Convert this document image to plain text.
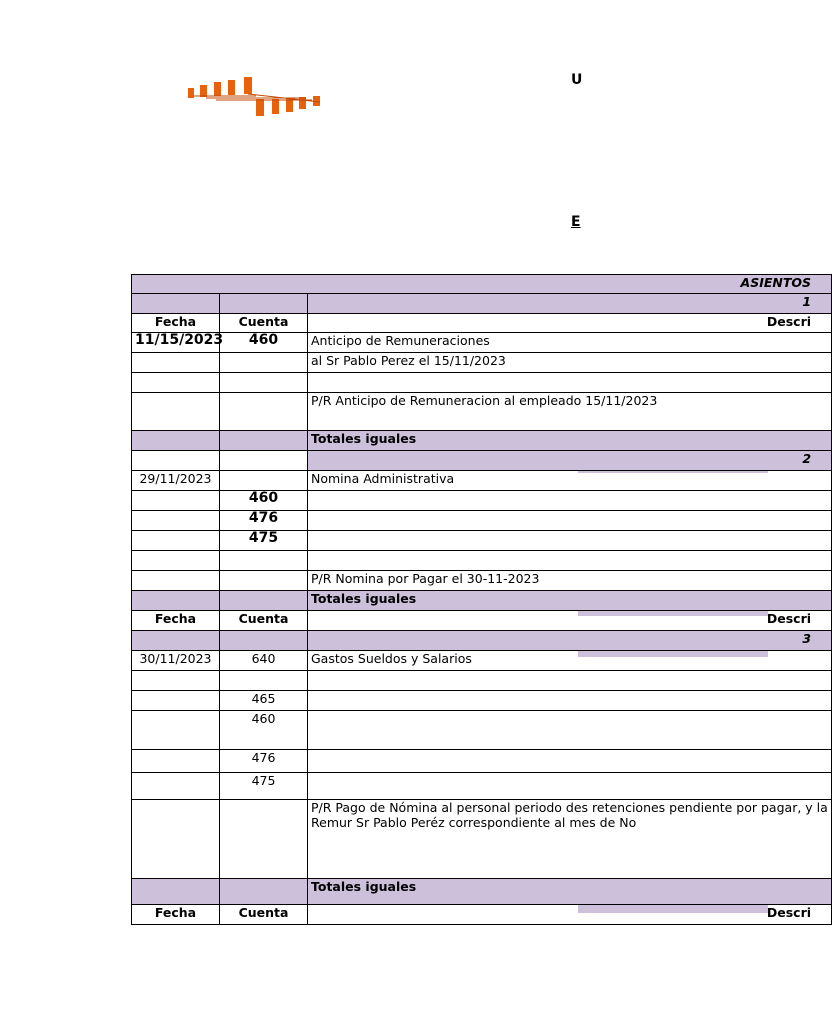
U
E
ASIENTOS		
		1
Fecha	Cuenta	Descri
11/15/2023	460	Anticipo de Remuneraciones
		al Sr Pablo Perez el 15/11/2023

		P/R Anticipo de Remuneracion al empleado 15/11/2023
		Totales iguales
		2
29/11/2023		Nomina Administrativa
	460	
	476	
	475	

		P/R Nomina por Pagar el 30-11-2023
		Totales iguales
Fecha	Cuenta	Descri
		3
30/11/2023	640	Gastos Sueldos y Salarios

	465	
	460	
	476	
	475	
		P/R Pago de Nómina al personal periodo des retenciones pendiente por pagar, y la Remur Sr Pablo Peréz correspondiente al mes de No
		Totales iguales
Fecha	Cuenta	Descri
